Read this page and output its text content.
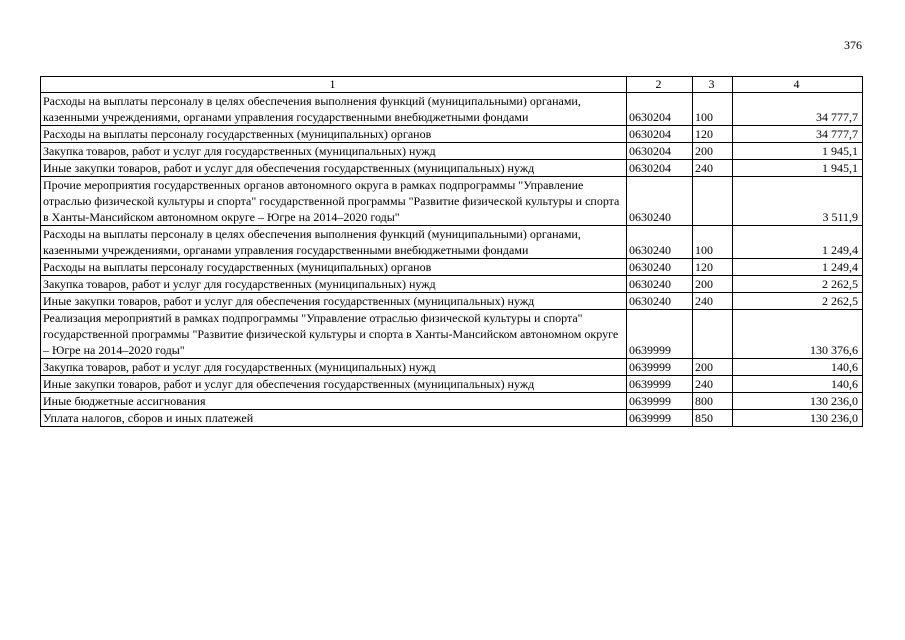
376
1	2	3	4
Расходы на выплаты персоналу в целях обеспечения выполнения функций (муниципальными) органами, казенными учреждениями, органами управления государственными внебюджетными фондами	0630204	100	34 777,7
Расходы на выплаты персоналу государственных (муниципальных) органов	0630204	120	34 777,7
Закупка товаров, работ и услуг для государственных (муниципальных) нужд	0630204	200	1 945,1
Иные закупки товаров, работ и услуг для обеспечения государственных (муниципальных) нужд	0630204	240	1 945,1
Прочие мероприятия государственных органов автономного округа в рамках подпрограммы "Управление отраслью физической культуры и спорта" государственной программы "Развитие физической культуры и спорта в Ханты-Мансийском автономном округе – Югре на 2014–2020 годы"	0630240		3 511,9
Расходы на выплаты персоналу в целях обеспечения выполнения функций (муниципальными) органами, казенными учреждениями, органами управления государственными внебюджетными фондами	0630240	100	1 249,4
Расходы на выплаты персоналу государственных (муниципальных) органов	0630240	120	1 249,4
Закупка товаров, работ и услуг для государственных (муниципальных) нужд	0630240	200	2 262,5
Иные закупки товаров, работ и услуг для обеспечения государственных (муниципальных) нужд	0630240	240	2 262,5
Реализация мероприятий в рамках подпрограммы "Управление отраслью физической культуры и спорта" государственной программы "Развитие физической культуры и спорта в Ханты-Мансийском автономном округе – Югре на 2014–2020 годы"	0639999		130 376,6
Закупка товаров, работ и услуг для государственных (муниципальных) нужд	0639999	200	140,6
Иные закупки товаров, работ и услуг для обеспечения государственных (муниципальных) нужд	0639999	240	140,6
Иные бюджетные ассигнования	0639999	800	130 236,0
Уплата налогов, сборов и иных платежей	0639999	850	130 236,0
